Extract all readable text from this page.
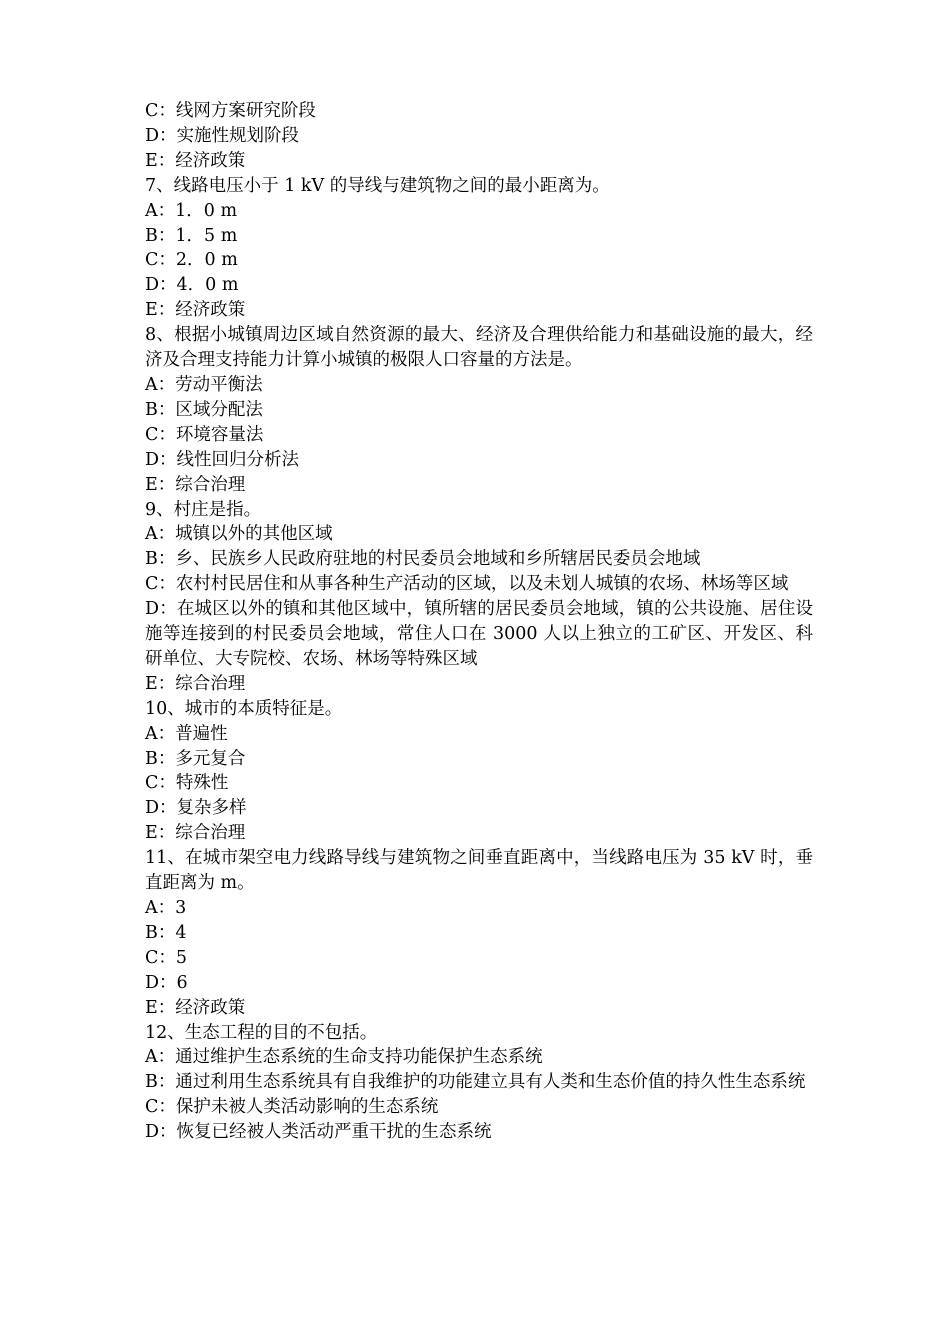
C：线网方案研究阶段
D：实施性规划阶段
E：经济政策
7、线路电压小于 1 kV 的导线与建筑物之间的最小距离为。
A：1．0 m
B：1．5 m
C：2．0 m
D：4．0 m
E：经济政策
8、根据小城镇周边区域自然资源的最大、经济及合理供给能力和基础设施的最大，经济及合理支持能力计算小城镇的极限人口容量的方法是。
A：劳动平衡法
B：区域分配法
C：环境容量法
D：线性回归分析法
E：综合治理
9、村庄是指。
A：城镇以外的其他区域
B：乡、民族乡人民政府驻地的村民委员会地域和乡所辖居民委员会地域
C：农村村民居住和从事各种生产活动的区域，以及未划人城镇的农场、林场等区域
D：在城区以外的镇和其他区域中，镇所辖的居民委员会地域，镇的公共设施、居住设施等连接到的村民委员会地域，常住人口在 3000 人以上独立的工矿区、开发区、科研单位、大专院校、农场、林场等特殊区域
E：综合治理
10、城市的本质特征是。
A：普遍性
B：多元复合
C：特殊性
D：复杂多样
E：综合治理
11、在城市架空电力线路导线与建筑物之间垂直距离中，当线路电压为 35 kV 时，垂直距离为 m。
A：3
B：4
C：5
D：6
E：经济政策
12、生态工程的目的不包括。
A：通过维护生态系统的生命支持功能保护生态系统
B：通过利用生态系统具有自我维护的功能建立具有人类和生态价值的持久性生态系统
C：保护未被人类活动影响的生态系统
D：恢复已经被人类活动严重干扰的生态系统
